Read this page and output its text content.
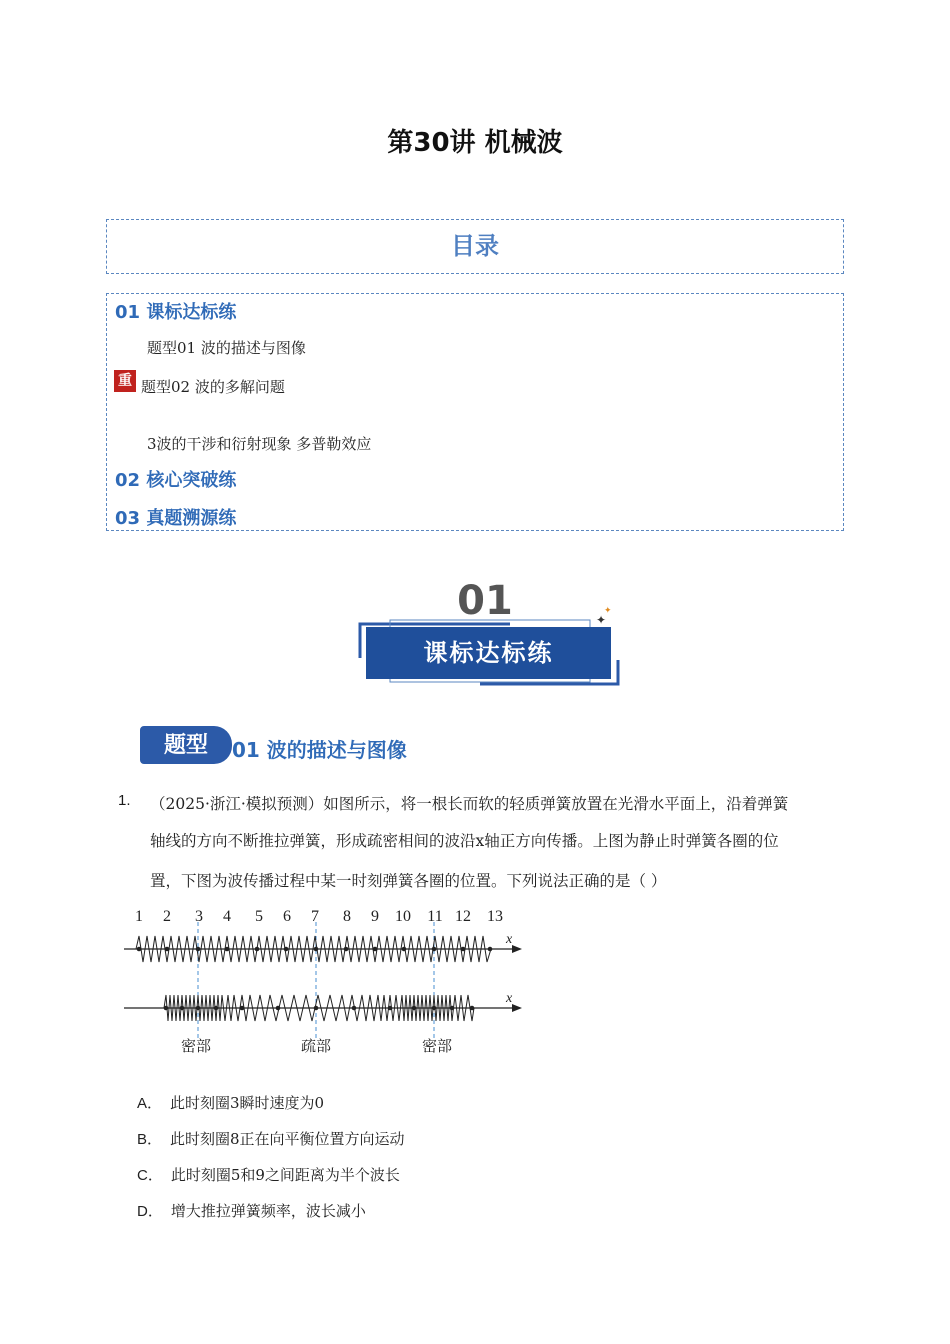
第30讲 机械波
目录
01 课标达标练
题型01 波的描述与图像
重 题型02 波的多解问题
3波的干涉和衍射现象 多普勒效应
02 核心突破练
03 真题溯源练
01	✦
✦
课标达标练
题型	01 波的描述与图像
1. （2025·浙江·模拟预测）如图所示，将一根长而软的轻质弹簧放置在光滑水平面上，沿着弹簧
轴线的方向不断推拉弹簧，形成疏密相间的波沿x轴正方向传播。上图为静止时弹簧各圈的位
置，下图为波传播过程中某一时刻弹簧各圈的位置。下列说法正确的是（ ）
1 2 3 4 5 6 7 8 9 10 11 12 13
x
x
密部	疏部	密部
A． 此时刻圈3瞬时速度为0
B． 此时刻圈8正在向平衡位置方向运动
C． 此时刻圈5和9之间距离为半个波长
D． 增大推拉弹簧频率，波长减小
